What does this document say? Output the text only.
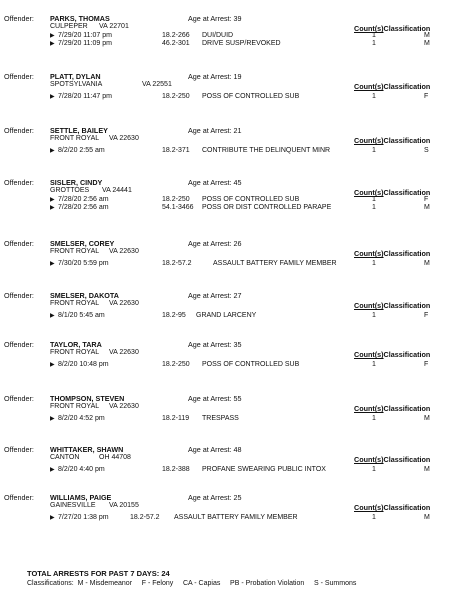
Offender: PARKS, THOMAS	Age at Arrest: 39
CULPEPER VA 22701	Count(s)Classification
▶ 7/29/20 11:07 pm	18.2-266 DUI/DUID	1	M
▶ 7/29/20 11:09 pm	46.2-301 DRIVE SUSP/REVOKED	1	M
Offender: PLATT, DYLAN	Age at Arrest: 19
SPOTSYLVANIA	VA 22551	Count(s)Classification
▶ 7/28/20 11:47 pm	18.2-250 POSS OF CONTROLLED SUB	1	F
Offender: SETTLE, BAILEY	Age at Arrest: 21
FRONT ROYAL VA 22630	Count(s)Classification
▶ 8/2/20 2:55 am	18.2-371 CONTRIBUTE THE DELINQUENT MINR	1	S
Offender: SISLER, CINDY	Age at Arrest: 45
GROTTOES VA 24441	Count(s)Classification
▶ 7/28/20 2:56 am	18.2-250 POSS OF CONTROLLED SUB	1	F
▶ 7/28/20 2:56 am	54.1-3466 POSS OR DIST CONTROLLED PARAPE	1	M
Offender: SMELSER, COREY	Age at Arrest: 26
FRONT ROYAL VA 22630	Count(s)Classification
▶ 7/30/20 5:59 pm	18.2-57.2	ASSAULT BATTERY FAMILY MEMBER	1	M
Offender: SMELSER, DAKOTA	Age at Arrest: 27
FRONT ROYAL VA 22630	Count(s)Classification
▶ 8/1/20 5:45 am	18.2-95 GRAND LARCENY	1	F
Offender: TAYLOR, TARA	Age at Arrest: 35
FRONT ROYAL VA 22630	Count(s)Classification
▶ 8/2/20 10:48 pm	18.2-250 POSS OF CONTROLLED SUB	1	F
Offender: THOMPSON, STEVEN	Age at Arrest: 55
FRONT ROYAL VA 22630	Count(s)Classification
▶ 8/2/20 4:52 pm	18.2-119 TRESPASS	1	M
Offender: WHITTAKER, SHAWN	Age at Arrest: 48
CANTON	OH 44708	Count(s)Classification
▶ 8/2/20 4:40 pm	18.2-388 PROFANE SWEARING PUBLIC INTOX	1	M
Offender: WILLIAMS, PAIGE	Age at Arrest: 25
GAINESVILLE VA 20155	Count(s)Classification
▶ 7/27/20 1:38 pm	18.2-57.2 ASSAULT BATTERY FAMILY MEMBER	1	M
TOTAL ARRESTS FOR PAST 7 DAYS: 24
Classifications:  M - Misdemeanor     F - Felony     CA - Capias     PB - Probation Violation     S - Summons
